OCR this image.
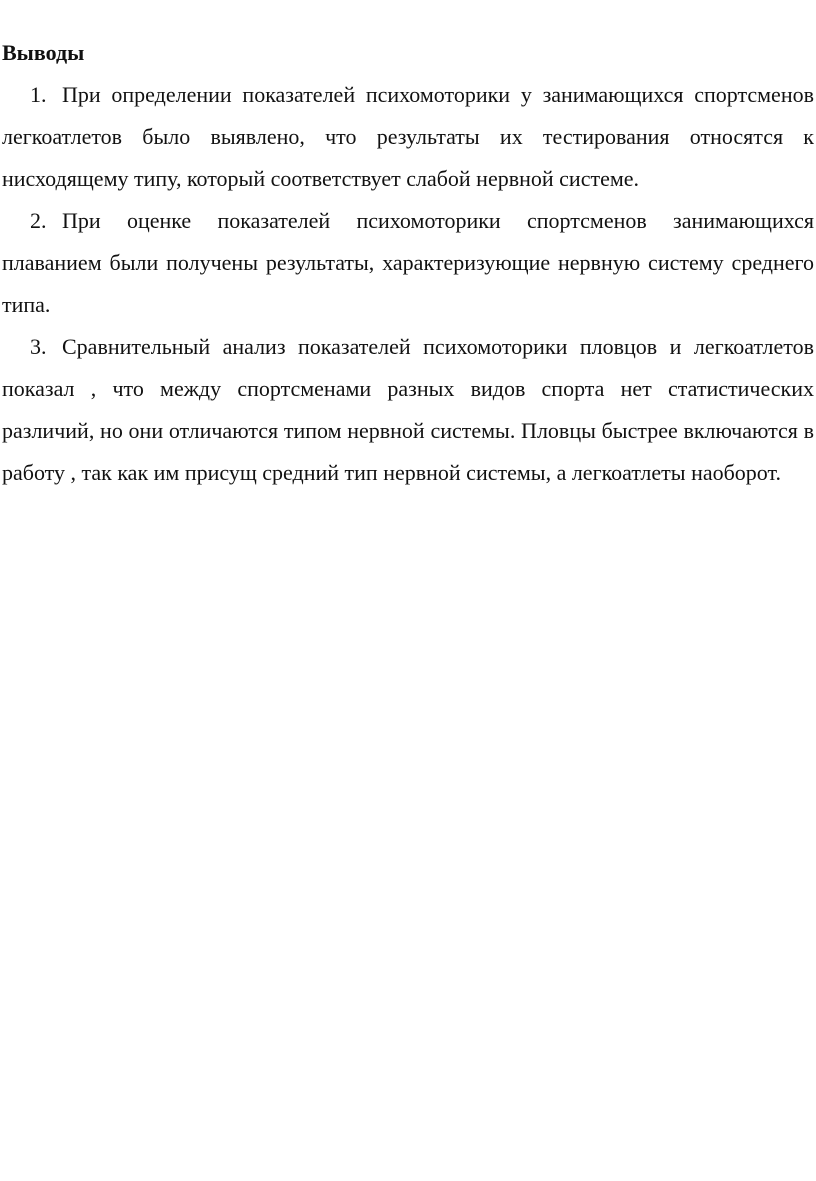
Выводы

1. При определении показателей психомоторики у занимающихся спортсменов легкоатлетов было выявлено, что результаты их тестирования относятся к нисходящему типу, который соответствует слабой нервной системе.

2. При оценке показателей психомоторики спортсменов занимающихся плаванием были получены результаты, характеризующие нервную систему среднего типа.

3. Сравнительный анализ показателей психомоторики пловцов и легкоатлетов показал , что между спортсменами разных видов спорта нет статистических различий, но они отличаются типом нервной системы. Пловцы быстрее включаются в работу , так как им присущ средний тип нервной системы, а легкоатлеты наоборот.
